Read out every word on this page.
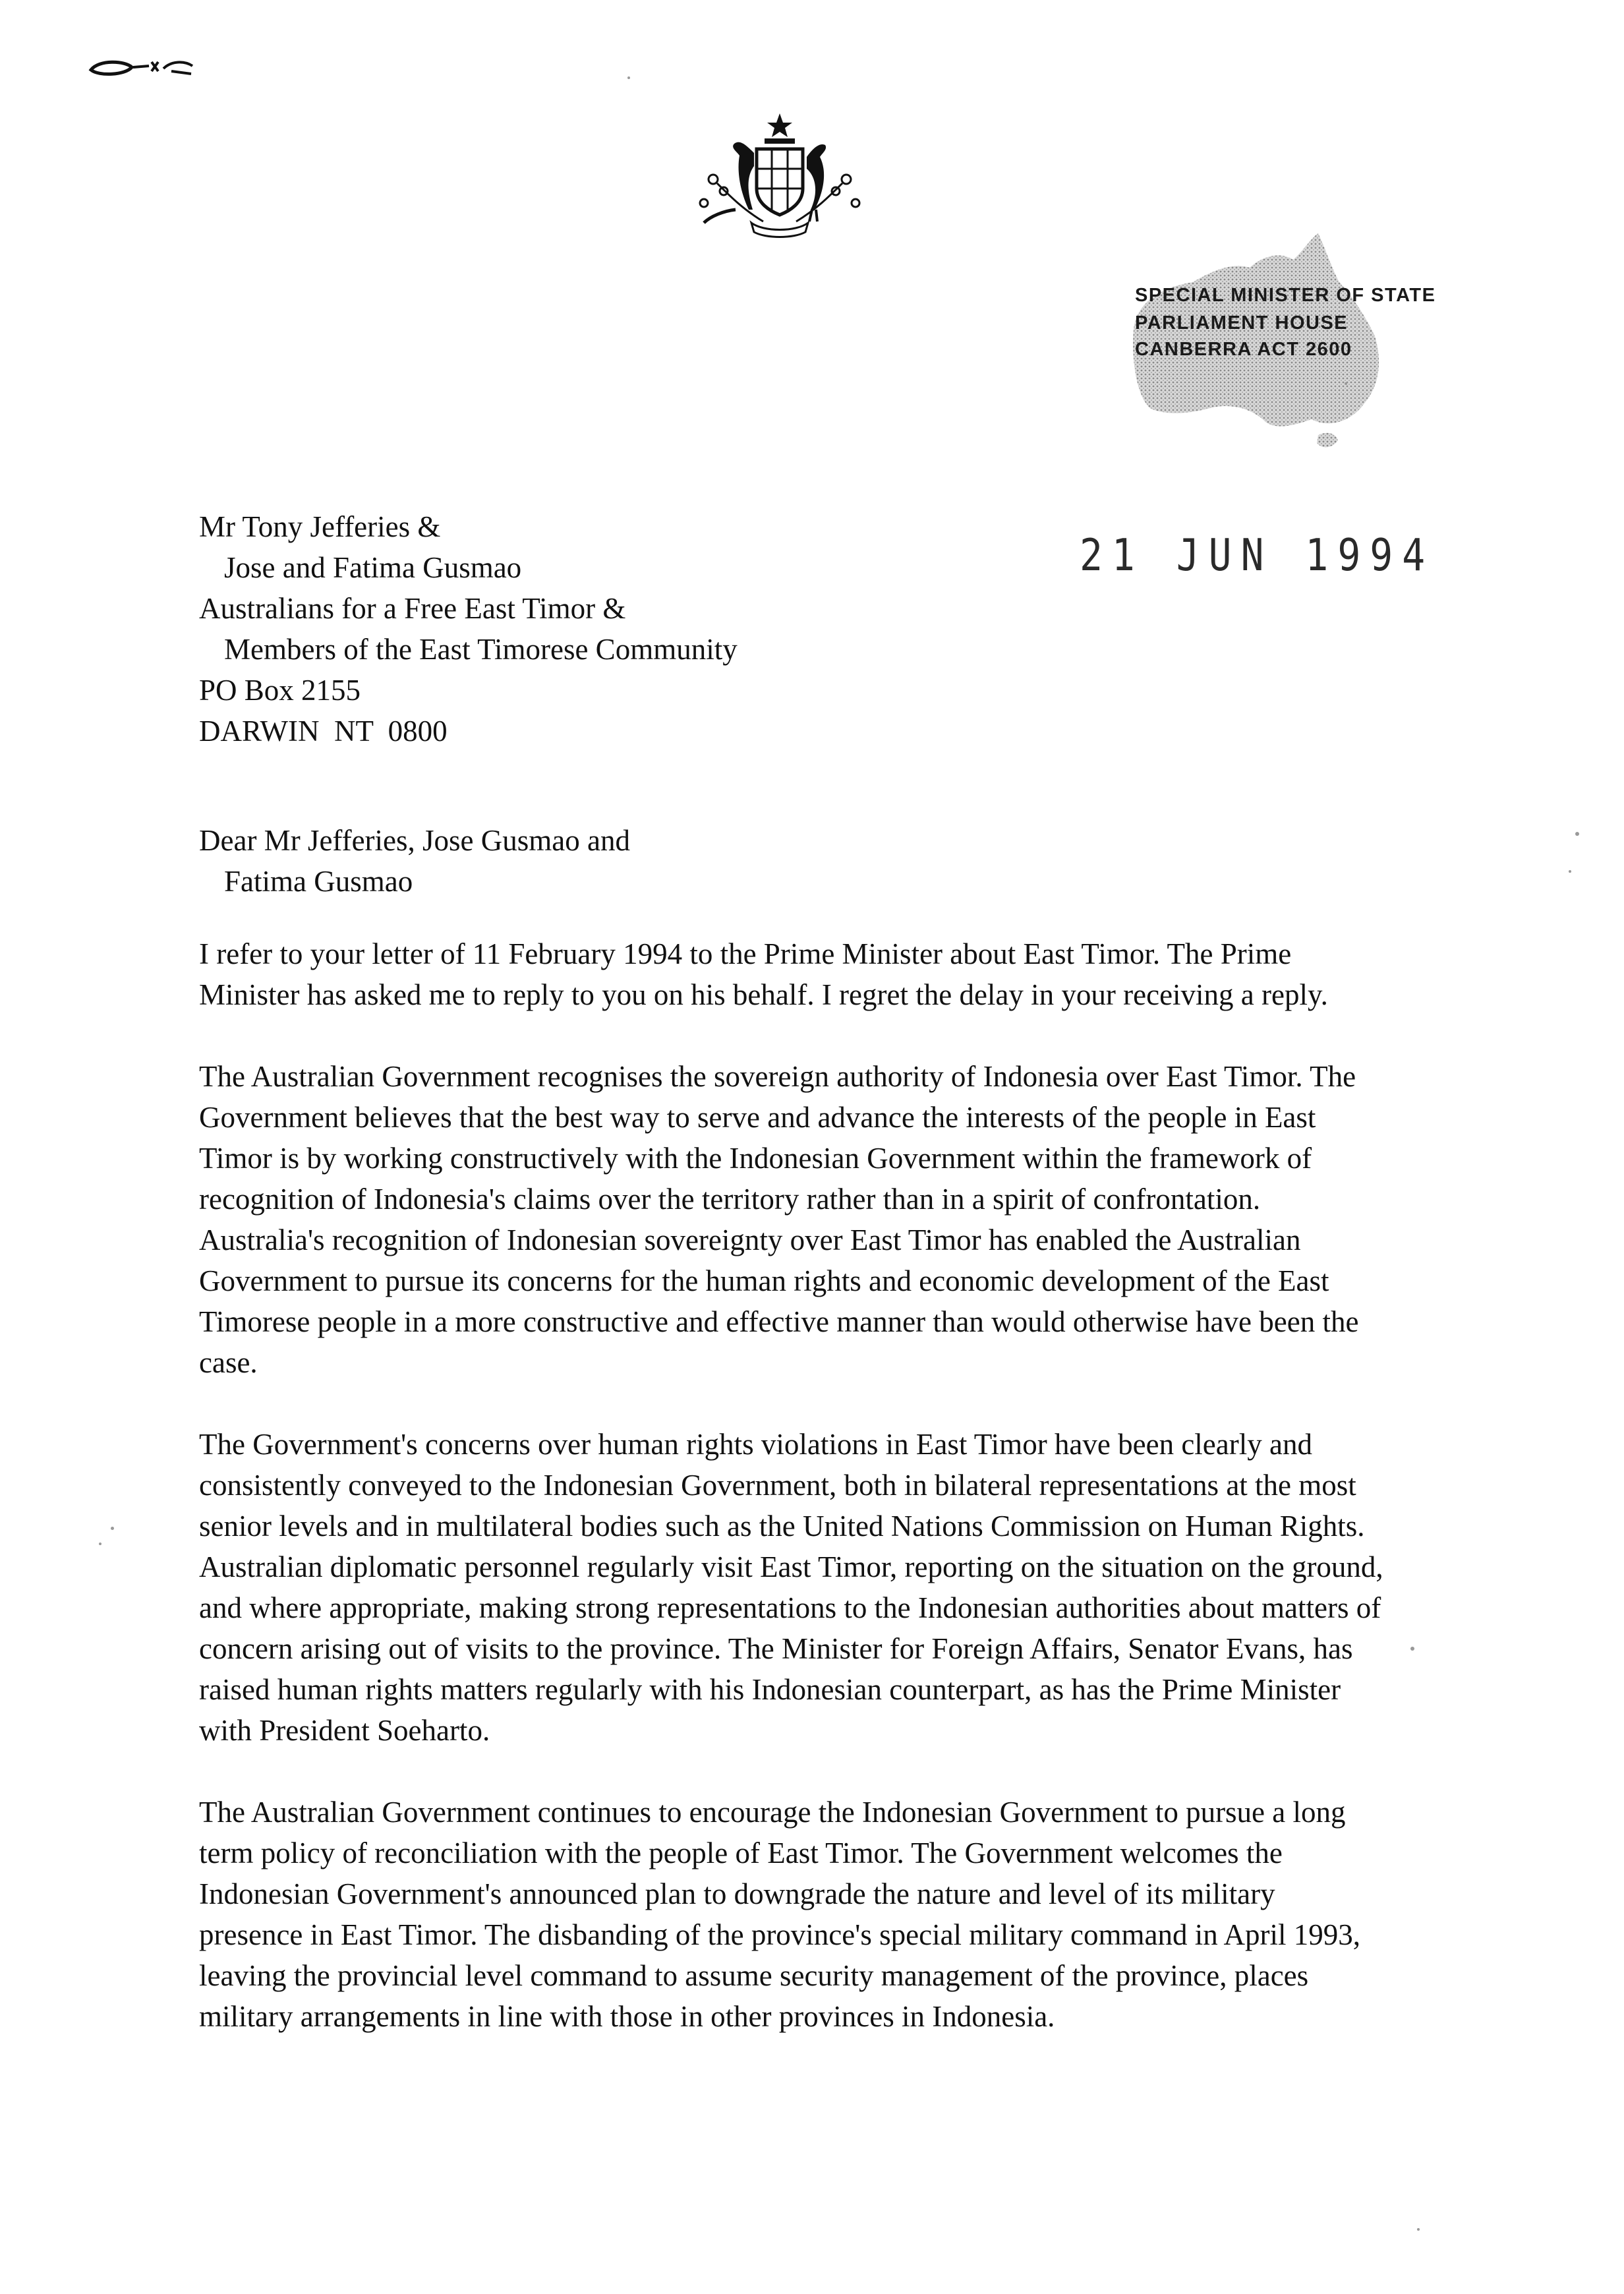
SPECIAL MINISTER OF STATE
PARLIAMENT HOUSE
CANBERRA ACT 2600
21 JUN 1994
Mr Tony Jefferies &
Jose and Fatima Gusmao
Australians for a Free East Timor &
Members of the East Timorese Community
PO Box 2155
DARWIN  NT  0800
Dear Mr Jefferies, Jose Gusmao and
Fatima Gusmao

I refer to your letter of 11 February 1994 to the Prime Minister about East Timor. The Prime Minister has asked me to reply to you on his behalf. I regret the delay in your receiving a reply.

The Australian Government recognises the sovereign authority of Indonesia over East Timor. The Government believes that the best way to serve and advance the interests of the people in East Timor is by working constructively with the Indonesian Government within the framework of recognition of Indonesia's claims over the territory rather than in a spirit of confrontation. Australia's recognition of Indonesian sovereignty over East Timor has enabled the Australian Government to pursue its concerns for the human rights and economic development of the East Timorese people in a more constructive and effective manner than would otherwise have been the case.

The Government's concerns over human rights violations in East Timor have been clearly and consistently conveyed to the Indonesian Government, both in bilateral representations at the most senior levels and in multilateral bodies such as the United Nations Commission on Human Rights. Australian diplomatic personnel regularly visit East Timor, reporting on the situation on the ground, and where appropriate, making strong representations to the Indonesian authorities about matters of concern arising out of visits to the province. The Minister for Foreign Affairs, Senator Evans, has raised human rights matters regularly with his Indonesian counterpart, as has the Prime Minister with President Soeharto.

The Australian Government continues to encourage the Indonesian Government to pursue a long term policy of reconciliation with the people of East Timor. The Government welcomes the Indonesian Government's announced plan to downgrade the nature and level of its military presence in East Timor. The disbanding of the province's special military command in April 1993, leaving the provincial level command to assume security management of the province, places military arrangements in line with those in other provinces in Indonesia.
